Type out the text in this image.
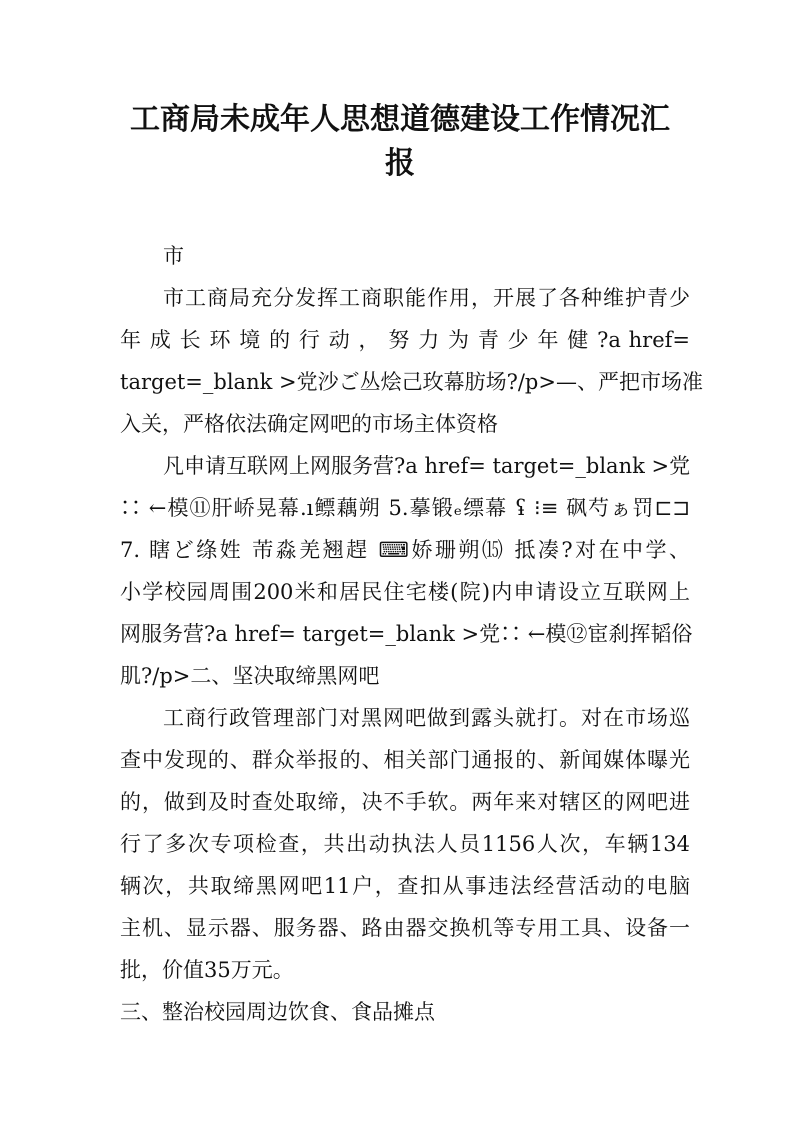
工商局未成年人思想道德建设工作情况汇
报

市

市工商局充分发挥工商职能作用，开展了各种维护青少

年 成 长 环 境 的 行 动 ， 努 力 为 青 少 年 健 ?a href=

target=_blank >党沙ご丛烩己玫幕肪场?/p>—、严把市场准

入关，严格依法确定网吧的市场主体资格

凡申请互联网上网服务营?a href= target=_blank >党

∷ ←模⑪肝峤晃幕.ı鳔藕朔 5.摹锻ₑ缥幕 ʢ ⁝≡ 砜芍ぁ罚⊏⊐

7. 瞎ど绦姓 芾淼羌翘趕 ⌨娇珊朔⒂ 抵凑?对在中学、

小学校园周围200米和居民住宅楼(院)内申请设立互联网上

网服务营?a href= target=_blank >党∷ ←模⑫宦刹挥韬俗

肌?/p>二、坚决取缔黑网吧

工商行政管理部门对黑网吧做到露头就打。对在市场巡

查中发现的、群众举报的、相关部门通报的、新闻媒体曝光

的，做到及时查处取缔，决不手软。两年来对辖区的网吧进

行了多次专项检查，共出动执法人员1156人次，车辆134

辆次，共取缔黑网吧11户，查扣从事违法经营活动的电脑

主机、显示器、服务器、路由器交换机等专用工具、设备一

批，价值35万元。

三、整治校园周边饮食、食品摊点
